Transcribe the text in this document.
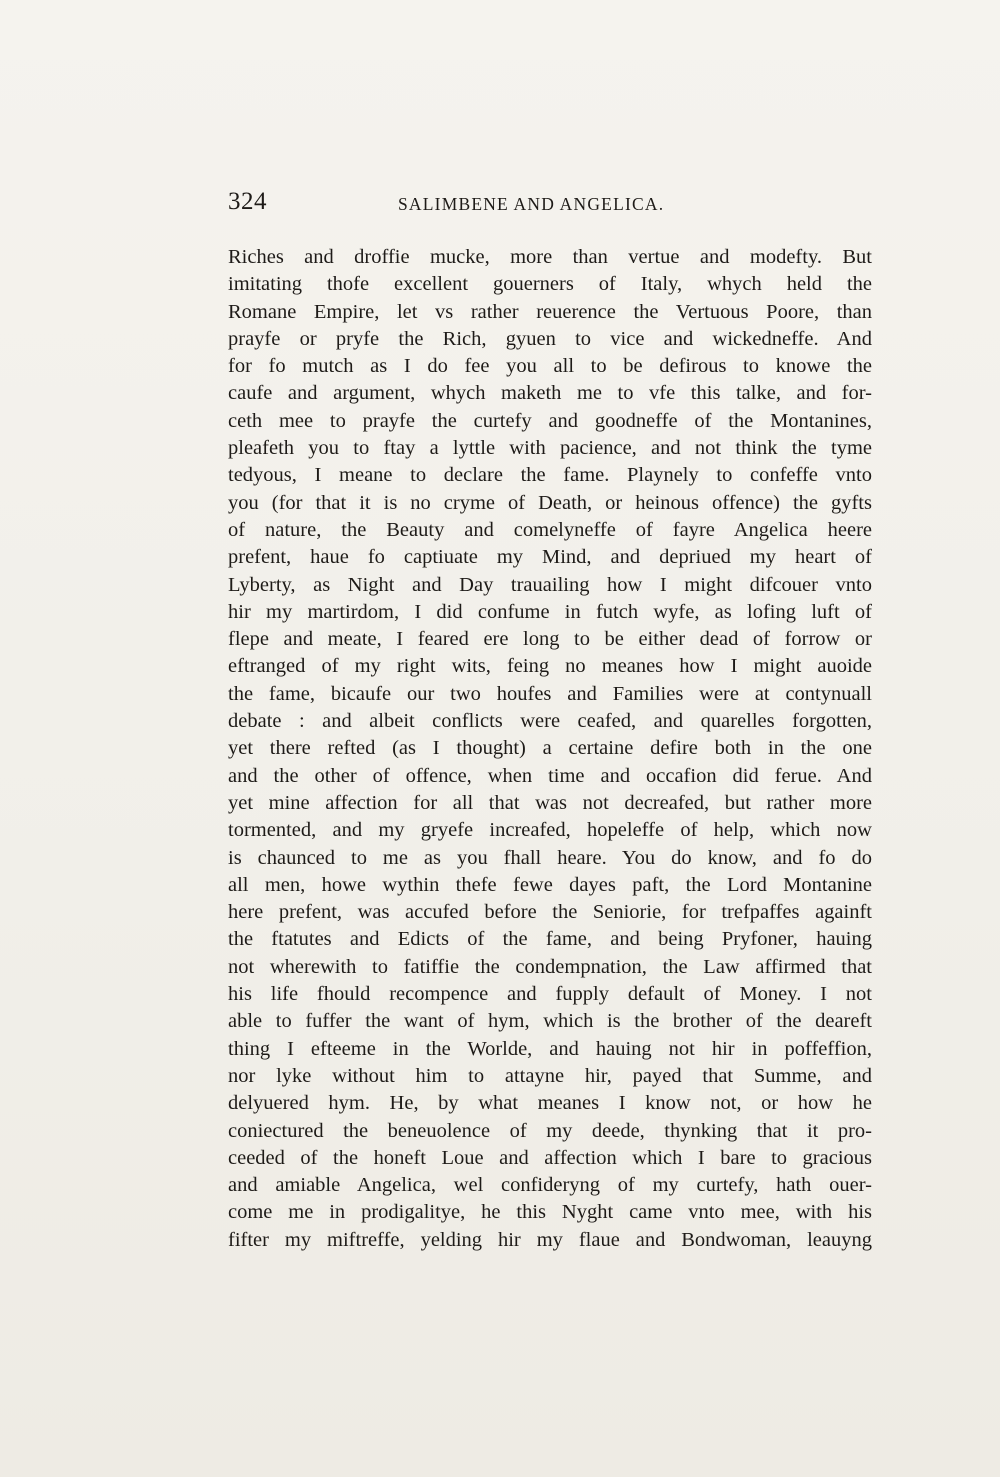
324	SALIMBENE AND ANGELICA.
Riches and droffie mucke, more than vertue and modefty. But
imitating thofe excellent gouerners of Italy, whych held the
Romane Empire, let vs rather reuerence the Vertuous Poore, than
prayfe or pryfe the Rich, gyuen to vice and wickedneffe. And
for fo mutch as I do fee you all to be defirous to knowe the
caufe and argument, whych maketh me to vfe this talke, and for-
ceth mee to prayfe the curtefy and goodneffe of the Montanines,
pleafeth you to ftay a lyttle with pacience, and not think the tyme
tedyous, I meane to declare the fame. Playnely to confeffe vnto
you (for that it is no cryme of Death, or heinous offence) the gyfts
of nature, the Beauty and comelyneffe of fayre Angelica heere
prefent, haue fo captiuate my Mind, and depriued my heart of
Lyberty, as Night and Day trauailing how I might difcouer vnto
hir my martirdom, I did confume in futch wyfe, as lofing luft of
flepe and meate, I feared ere long to be either dead of forrow or
eftranged of my right wits, feing no meanes how I might auoide
the fame, bicaufe our two houfes and Families were at contynuall
debate : and albeit conflicts were ceafed, and quarelles forgotten,
yet there refted (as I thought) a certaine defire both in the one
and the other of offence, when time and occafion did ferue. And
yet mine affection for all that was not decreafed, but rather more
tormented, and my gryefe increafed, hopeleffe of help, which now
is chaunced to me as you fhall heare. You do know, and fo do
all men, howe wythin thefe fewe dayes paft, the Lord Montanine
here prefent, was accufed before the Seniorie, for trefpaffes againft
the ftatutes and Edicts of the fame, and being Pryfoner, hauing
not wherewith to fatiffie the condempnation, the Law affirmed that
his life fhould recompence and fupply default of Money. I not
able to fuffer the want of hym, which is the brother of the deareft
thing I efteeme in the Worlde, and hauing not hir in poffeffion,
nor lyke without him to attayne hir, payed that Summe, and
delyuered hym. He, by what meanes I know not, or how he
coniectured the beneuolence of my deede, thynking that it pro-
ceeded of the honeft Loue and affection which I bare to gracious
and amiable Angelica, wel confideryng of my curtefy, hath ouer-
come me in prodigalitye, he this Nyght came vnto mee, with his
fifter my miftreffe, yelding hir my flaue and Bondwoman, leauyng
